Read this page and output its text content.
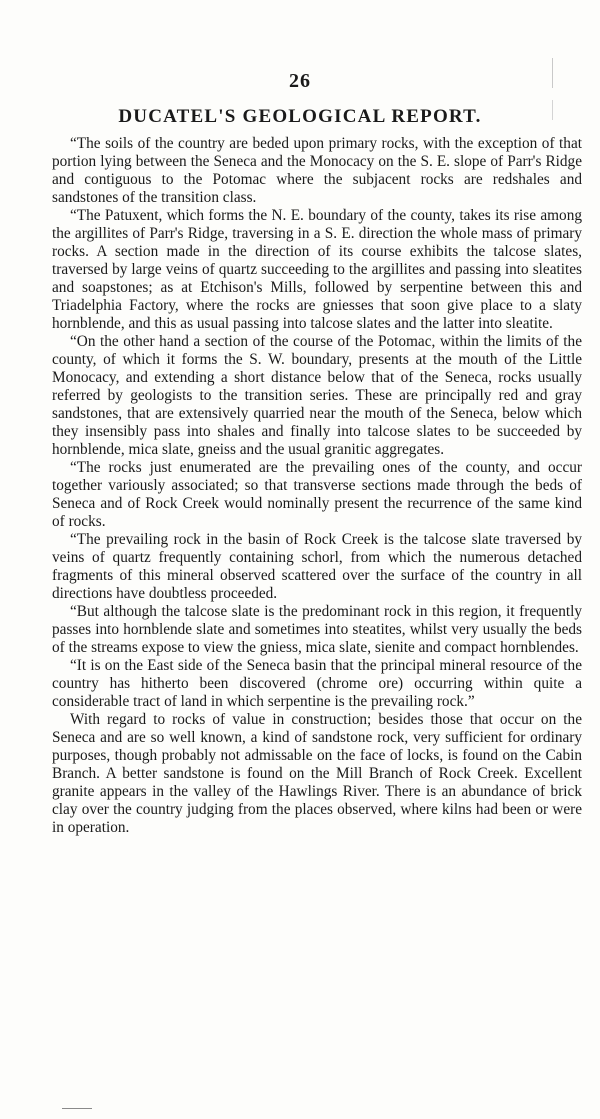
26
DUCATEL'S GEOLOGICAL REPORT.

“The soils of the country are beded upon primary rocks, with the exception of that portion lying between the Seneca and the Monocacy on the S. E. slope of Parr's Ridge and contiguous to the Potomac where the subjacent rocks are redshales and sandstones of the transition class.

“The Patuxent, which forms the N. E. boundary of the county, takes its rise among the argillites of Parr's Ridge, traversing in a S. E. direction the whole mass of primary rocks. A section made in the direction of its course exhibits the talcose slates, traversed by large veins of quartz succeeding to the argillites and passing into sleatites and soapstones; as at Etchison's Mills, followed by serpentine between this and Triadelphia Factory, where the rocks are gniesses that soon give place to a slaty hornblende, and this as usual passing into talcose slates and the latter into sleatite.

“On the other hand a section of the course of the Potomac, within the limits of the county, of which it forms the S. W. boundary, presents at the mouth of the Little Monocacy, and extending a short distance below that of the Seneca, rocks usually referred by geologists to the transition series. These are principally red and gray sandstones, that are extensively quarried near the mouth of the Seneca, below which they insensibly pass into shales and finally into talcose slates to be succeeded by hornblende, mica slate, gneiss and the usual granitic aggregates.

“The rocks just enumerated are the prevailing ones of the county, and occur together variously associated; so that transverse sections made through the beds of Seneca and of Rock Creek would nominally present the recurrence of the same kind of rocks.

“The prevailing rock in the basin of Rock Creek is the talcose slate traversed by veins of quartz frequently containing schorl, from which the numerous detached fragments of this mineral observed scattered over the surface of the country in all directions have doubtless proceeded.

“But although the talcose slate is the predominant rock in this region, it frequently passes into hornblende slate and sometimes into steatites, whilst very usually the beds of the streams expose to view the gniess, mica slate, sienite and compact hornblendes.

“It is on the East side of the Seneca basin that the principal mineral resource of the country has hitherto been discovered (chrome ore) occurring within quite a considerable tract of land in which serpentine is the prevailing rock.”

With regard to rocks of value in construction; besides those that occur on the Seneca and are so well known, a kind of sandstone rock, very sufficient for ordinary purposes, though probably not admissable on the face of locks, is found on the Cabin Branch. A better sandstone is found on the Mill Branch of Rock Creek. Excellent granite appears in the valley of the Hawlings River. There is an abundance of brick clay over the country judging from the places observed, where kilns had been or were in operation.
